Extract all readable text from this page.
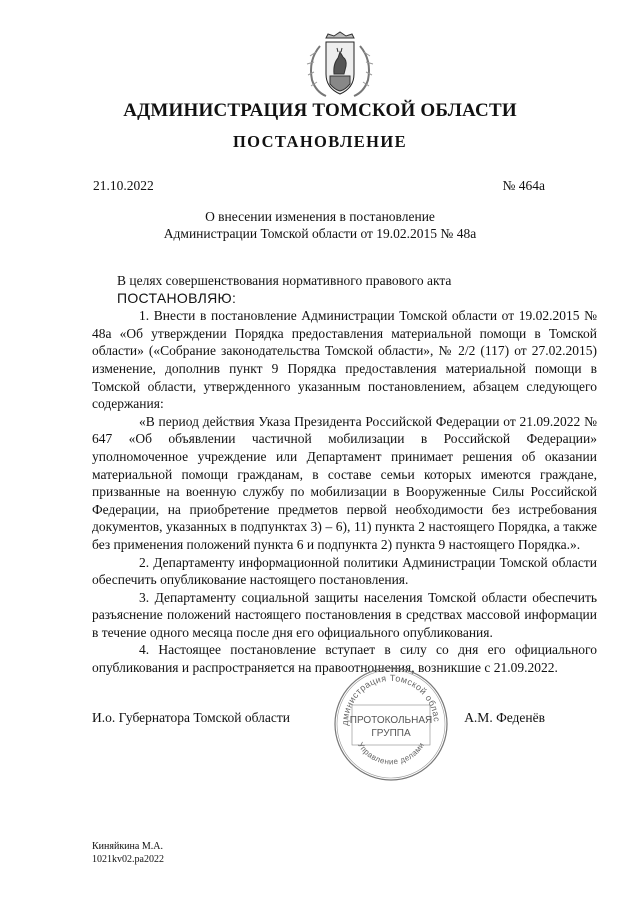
АДМИНИСТРАЦИЯ ТОМСКОЙ ОБЛАСТИ
ПОСТАНОВЛЕНИЕ
21.10.2022	№ 464а
О внесении изменения в постановление
Администрации Томской области от 19.02.2015 № 48а

В целях совершенствования нормативного правового акта

ПОСТАНОВЛЯЮ:

1. Внести в постановление Администрации Томской области от 19.02.2015 № 48а «Об утверждении Порядка предоставления материальной помощи в Томской области» («Собрание законодательства Томской области», № 2/2 (117) от 27.02.2015) изменение, дополнив пункт 9 Порядка предоставления материальной помощи в Томской области, утвержденного указанным постановлением, абзацем следующего содержания:

«В период действия Указа Президента Российской Федерации от 21.09.2022 № 647 «Об объявлении частичной мобилизации в Российской Федерации» уполномоченное учреждение или Департамент принимает решения об оказании материальной помощи гражданам, в составе семьи которых имеются граждане, призванные на военную службу по мобилизации в Вооруженные Силы Российской Федерации, на приобретение предметов первой необходимости без истребования документов, указанных в подпунктах 3) – 6), 11) пункта 2 настоящего Порядка, а также без применения положений пункта 6 и подпункта 2) пункта 9 настоящего Порядка.».

2. Департаменту информационной политики Администрации Томской области обеспечить опубликование настоящего постановления.

3. Департаменту социальной защиты населения Томской области обеспечить разъяснение положений настоящего постановления в средствах массовой информации в течение одного месяца после дня его официального опубликования.

4. Настоящее постановление вступает в силу со дня его официального опубликования и распространяется на правоотношения, возникшие с 21.09.2022.

И.о. Губернатора Томской области	А.М. Феденёв
дминистрация Томской облас
Управление делами
ПРОТОКОЛЬНАЯ
ГРУППА
Киняйкина М.А.
1021kv02.pa2022
